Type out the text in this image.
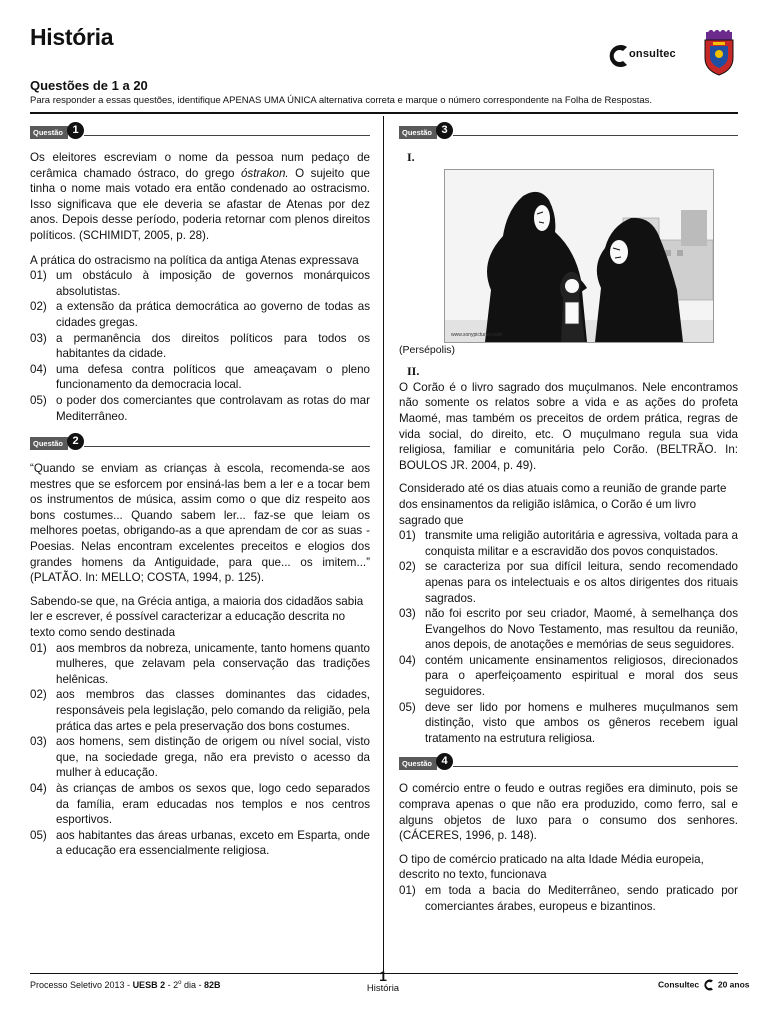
História
onsultec
Questões de 1 a 20
Para responder a essas questões, identifique APENAS UMA ÚNICA alternativa correta e marque o número correspondente na Folha de Respostas.
Questão 1

Os eleitores escreviam o nome da pessoa num pedaço de cerâmica chamado óstraco, do grego óstrakon. O sujeito que tinha o nome mais votado era então condenado ao ostracismo. Isso significava que ele deveria se afastar de Atenas por dez anos. Depois desse período, poderia retornar com plenos direitos políticos. (SCHIMIDT, 2005, p. 28).

A prática do ostracismo na política da antiga Atenas expressava

01) um obstáculo à imposição de governos monárquicos absolutistas.
02) a extensão da prática democrática ao governo de todas as cidades gregas.
03) a permanência dos direitos políticos para todos os habitantes da cidade.
04) uma defesa contra políticos que ameaçavam o pleno funcionamento da democracia local.
05) o poder dos comerciantes que controlavam as rotas do mar Mediterrâneo.
Questão 2

“Quando se enviam as crianças à escola, recomenda-se aos mestres que se esforcem por ensiná-las bem a ler e a tocar bem os instrumentos de música, assim como o que diz respeito aos bons costumes... Quando sabem ler... faz-se que leiam os melhores poetas, obrigando-as a que aprendam de cor as suas -Poesias. Nelas encontram excelentes preceitos e elogios dos grandes homens da Antiguidade, para que... os imitem...” (PLATÃO. In: MELLO; COSTA, 1994, p. 125).

Sabendo-se que, na Grécia antiga, a maioria dos cidadãos sabia ler e escrever, é possível caracterizar a educação descrita no texto como sendo destinada

01) aos membros da nobreza, unicamente, tanto homens quanto mulheres, que zelavam pela conservação das tradições helênicas.
02) aos membros das classes dominantes das cidades, responsáveis pela legislação, pelo comando da religião, pela prática das artes e pela preservação dos bons costumes.
03) aos homens, sem distinção de origem ou nível social, visto que, na sociedade grega, não era previsto o acesso da mulher à educação.
04) às crianças de ambos os sexos que, logo cedo separados da família, eram educadas nos templos e nos centros esportivos.
05) aos habitantes das áreas urbanas, exceto em Esparta, onde a educação era essencialmente religiosa.
Questão 3
I.
www.sonypictures.com

(Persépolis)

II.

O Corão é o livro sagrado dos muçulmanos. Nele encontramos não somente os relatos sobre a vida e as ações do profeta Maomé, mas também os preceitos de ordem prática, regras de vida social, do direito, etc. O muçulmano regula sua vida religiosa, familiar e comunitária pelo Corão. (BELTRÃO. In: BOULOS JR. 2004, p. 49).

Considerado até os dias atuais como a reunião de grande parte dos ensinamentos da religião islâmica, o Corão é um livro sagrado que

01) transmite uma religião autoritária e agressiva, voltada para a conquista militar e a escravidão dos povos conquistados.
02) se caracteriza por sua difícil leitura, sendo recomendado apenas para os intelectuais e os altos dirigentes dos rituais sagrados.
03) não foi escrito por seu criador, Maomé, à semelhança dos Evangelhos do Novo Testamento, mas resultou da reunião, anos depois, de anotações e memórias de seus seguidores.
04) contém unicamente ensinamentos religiosos, direcionados para o aperfeiçoamento espiritual e moral dos seus seguidores.
05) deve ser lido por homens e mulheres muçulmanos sem distinção, visto que ambos os gêneros recebem igual tratamento na estrutura religiosa.
Questão 4

O comércio entre o feudo e outras regiões era diminuto, pois se comprava apenas o que não era produzido, como ferro, sal e alguns objetos de luxo para o consumo dos senhores. (CÁCERES, 1996, p. 148).

O tipo de comércio praticado na alta Idade Média europeia, descrito no texto, funcionava

01) em toda a bacia do Mediterrâneo, sendo praticado por comerciantes árabes, europeus e bizantinos.
Processo Seletivo 2013 - UESB 2 - 2$^o$ dia - 82B
1
História	Consultec 20 anos
